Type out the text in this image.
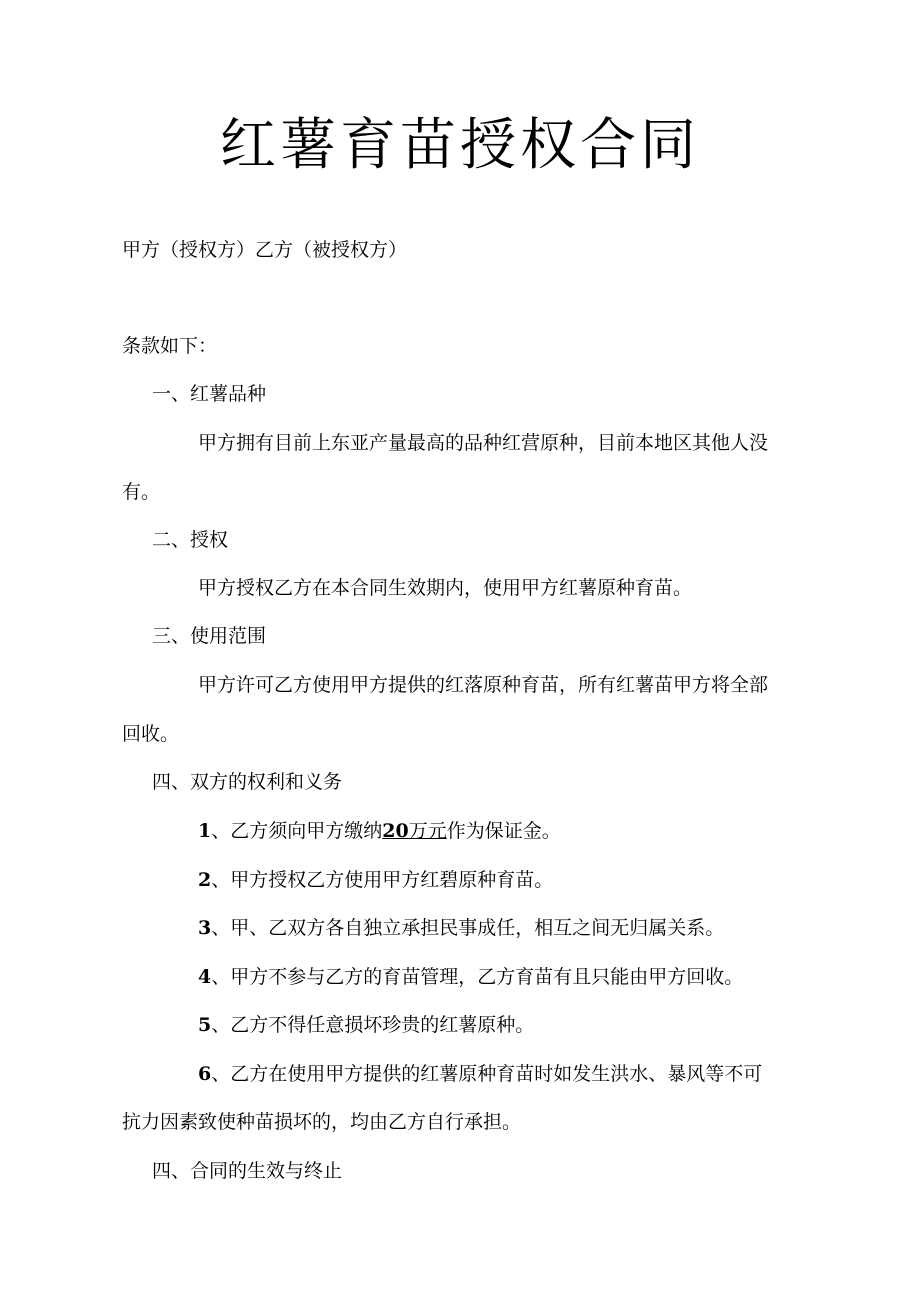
红薯育苗授权合同
甲方（授权方）乙方（被授权方）
条款如下：
一、红薯品种
甲方拥有目前上东亚产量最高的品种红营原种，目前本地区其他人没
有。
二、授权
甲方授权乙方在本合同生效期内，使用甲方红薯原种育苗。
三、使用范围
甲方许可乙方使用甲方提供的红落原种育苗，所有红薯苗甲方将全部
回收。
四、双方的权利和义务
1、乙方须向甲方缴纳20万元作为保证金。
2、甲方授权乙方使用甲方红碧原种育苗。
3、甲、乙双方各自独立承担民事成任，相互之间无归属关系。
4、甲方不参与乙方的育苗管理，乙方育苗有且只能由甲方回收。
5、乙方不得任意损坏珍贵的红薯原种。
6、乙方在使用甲方提供的红薯原种育苗时如发生洪水、暴风等不可
抗力因素致使种苗损坏的，均由乙方自行承担。
四、合同的生效与终止
